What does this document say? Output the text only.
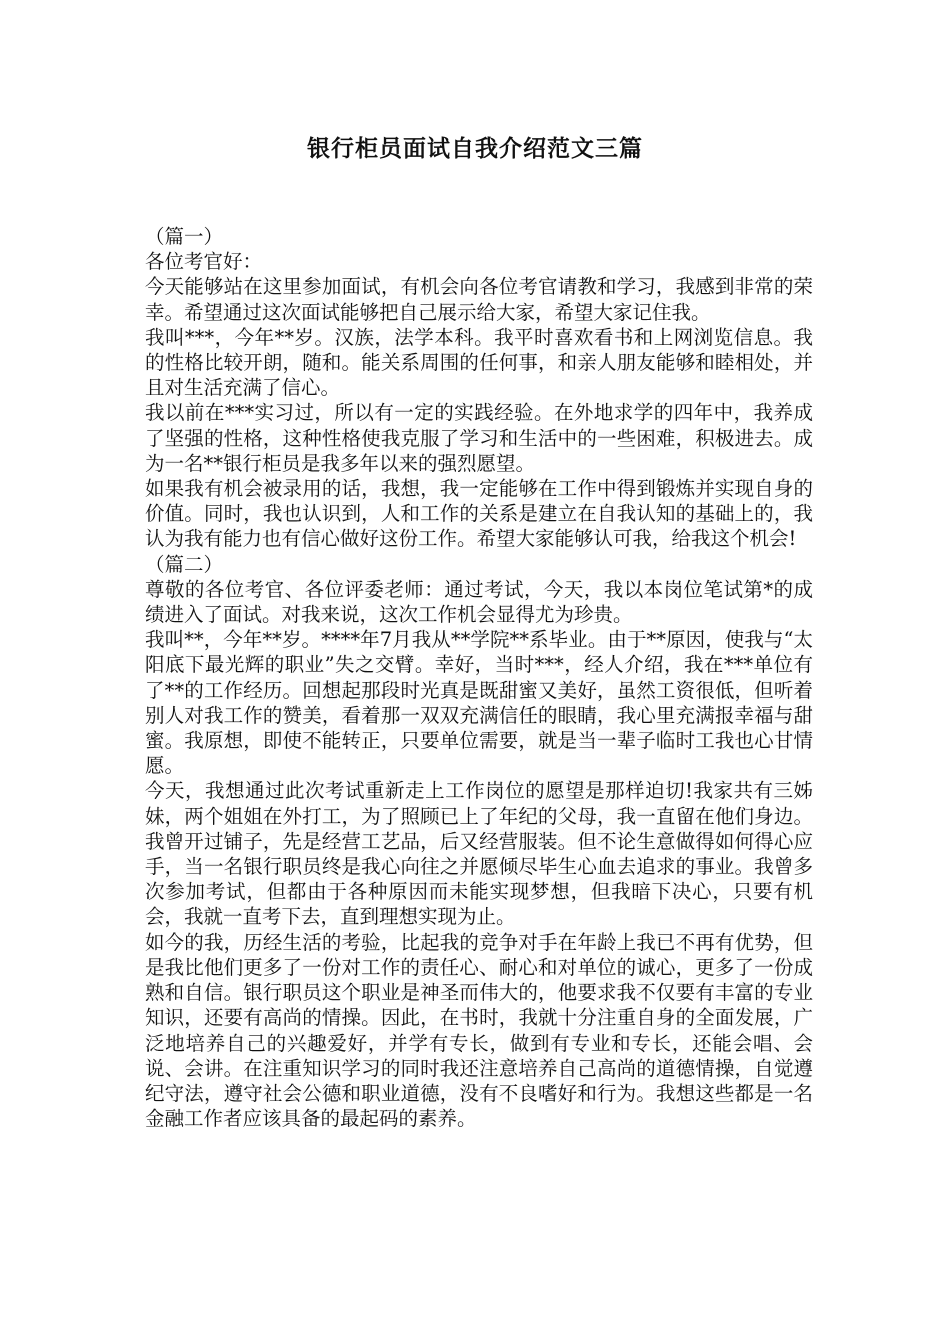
银行柜员面试自我介绍范文三篇

（篇一）

各位考官好：

今天能够站在这里参加面试，有机会向各位考官请教和学习，我感到非常的荣幸。希望通过这次面试能够把自己展示给大家，希望大家记住我。

我叫***，今年**岁。汉族，法学本科。我平时喜欢看书和上网浏览信息。我的性格比较开朗，随和。能关系周围的任何事，和亲人朋友能够和睦相处，并且对生活充满了信心。

我以前在***实习过，所以有一定的实践经验。在外地求学的四年中，我养成了坚强的性格，这种性格使我克服了学习和生活中的一些困难，积极进去。成为一名**银行柜员是我多年以来的强烈愿望。

如果我有机会被录用的话，我想，我一定能够在工作中得到锻炼并实现自身的价值。同时，我也认识到，人和工作的关系是建立在自我认知的基础上的，我认为我有能力也有信心做好这份工作。希望大家能够认可我，给我这个机会!

（篇二）

尊敬的各位考官、各位评委老师：通过考试，今天，我以本岗位笔试第*的成绩进入了面试。对我来说，这次工作机会显得尤为珍贵。

我叫**，今年**岁。****年7月我从**学院**系毕业。由于**原因，使我与“太阳底下最光辉的职业”失之交臂。幸好，当时***，经人介绍，我在***单位有了**的工作经历。回想起那段时光真是既甜蜜又美好，虽然工资很低，但听着别人对我工作的赞美，看着那一双双充满信任的眼睛，我心里充满报幸福与甜蜜。我原想，即使不能转正，只要单位需要，就是当一辈子临时工我也心甘情愿。

今天，我想通过此次考试重新走上工作岗位的愿望是那样迫切!我家共有三姊妹，两个姐姐在外打工，为了照顾已上了年纪的父母，我一直留在他们身边。我曾开过铺子，先是经营工艺品，后又经营服装。但不论生意做得如何得心应手，当一名银行职员终是我心向往之并愿倾尽毕生心血去追求的事业。我曾多次参加考试，但都由于各种原因而未能实现梦想，但我暗下决心，只要有机会，我就一直考下去，直到理想实现为止。

如今的我，历经生活的考验，比起我的竞争对手在年龄上我已不再有优势，但是我比他们更多了一份对工作的责任心、耐心和对单位的诚心，更多了一份成熟和自信。银行职员这个职业是神圣而伟大的，他要求我不仅要有丰富的专业知识，还要有高尚的情操。因此，在书时，我就十分注重自身的全面发展，广泛地培养自己的兴趣爱好，并学有专长，做到有专业和专长，还能会唱、会说、会讲。在注重知识学习的同时我还注意培养自己高尚的道德情操，自觉遵纪守法，遵守社会公德和职业道德，没有不良嗜好和行为。我想这些都是一名金融工作者应该具备的最起码的素养。
